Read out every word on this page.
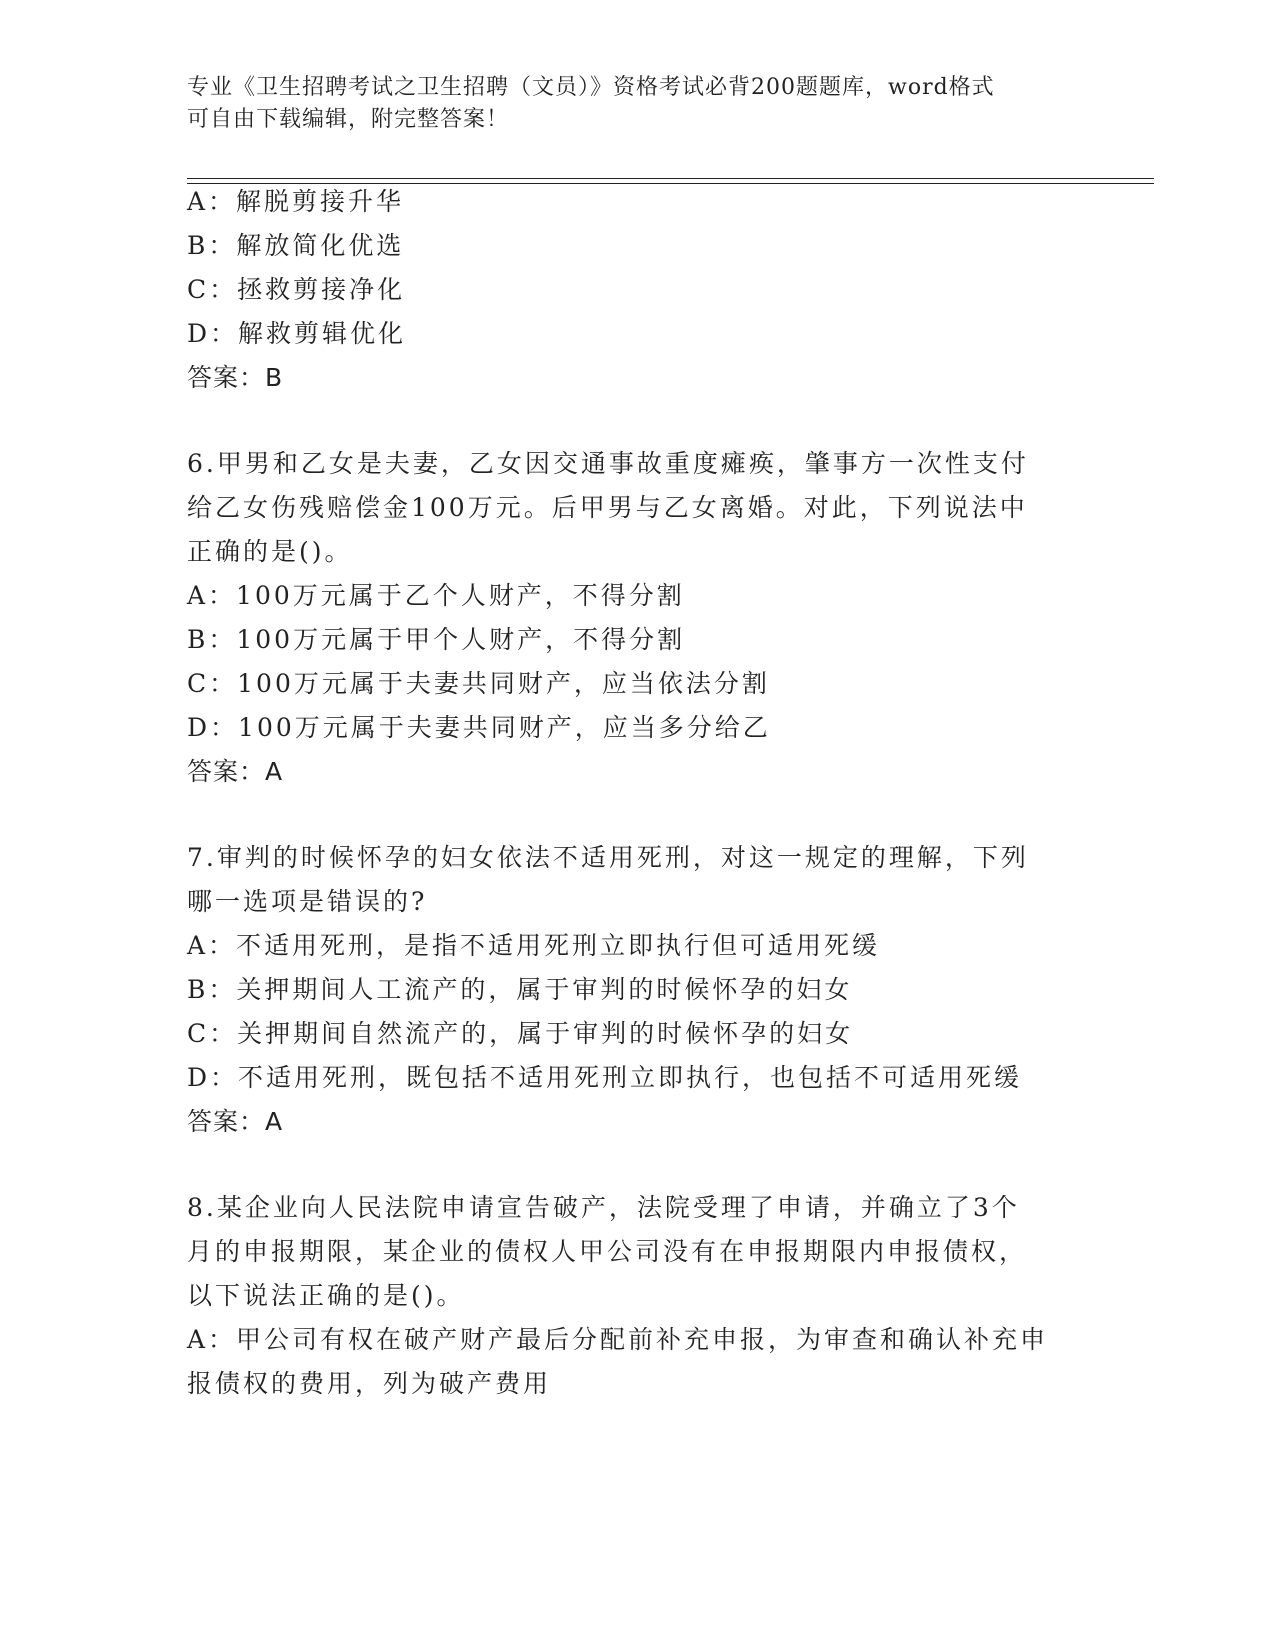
专业《卫生招聘考试之卫生招聘（文员）》资格考试必背200题题库，word格式
可自由下载编辑，附完整答案！
A：解脱剪接升华
B：解放简化优选
C：拯救剪接净化
D：解救剪辑优化
答案：B
6.甲男和乙女是夫妻，乙女因交通事故重度瘫痪，肇事方一次性支付
给乙女伤残赔偿金100万元。后甲男与乙女离婚。对此，下列说法中
正确的是()。
A：100万元属于乙个人财产，不得分割
B：100万元属于甲个人财产，不得分割
C：100万元属于夫妻共同财产，应当依法分割
D：100万元属于夫妻共同财产，应当多分给乙
答案：A
7.审判的时候怀孕的妇女依法不适用死刑，对这一规定的理解，下列
哪一选项是错误的?
A：不适用死刑，是指不适用死刑立即执行但可适用死缓
B：关押期间人工流产的，属于审判的时候怀孕的妇女
C：关押期间自然流产的，属于审判的时候怀孕的妇女
D：不适用死刑，既包括不适用死刑立即执行，也包括不可适用死缓
答案：A
8.某企业向人民法院申请宣告破产，法院受理了申请，并确立了3个
月的申报期限，某企业的债权人甲公司没有在申报期限内申报债权，
以下说法正确的是()。
A：甲公司有权在破产财产最后分配前补充申报，为审查和确认补充申
报债权的费用，列为破产费用
